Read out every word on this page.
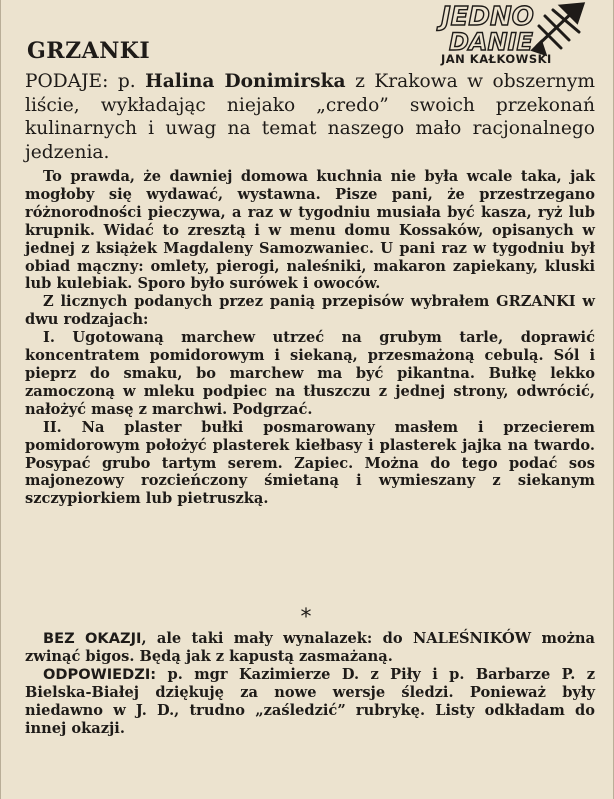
JEDNO
DANIE
JAN KAŁKOWSKI
GRZANKI

PODAJE: p. Halina Donimirska z Krakowa w obszernym liście, wykładając niejako „credo” swoich przekonań kulinarnych i uwag na temat naszego mało racjonalnego jedzenia.

To prawda, że dawniej domowa kuchnia nie była wcale taka, jak mogłoby się wydawać, wystawna. Pisze pani, że przestrzegano różnorodności pieczywa, a raz w tygodniu musiała być kasza, ryż lub krupnik. Widać to zresztą i w menu domu Kossaków, opisanych w jednej z książek Magdaleny Samozwaniec. U pani raz w tygodniu był obiad mączny: omlety, pierogi, naleśniki, makaron zapiekany, kluski lub kulebiak. Sporo było surówek i owoców.

Z licznych podanych przez panią przepisów wybrałem GRZANKI w dwu rodzajach:

I. Ugotowaną marchew utrzeć na grubym tarle, doprawić koncentratem pomidorowym i siekaną, przesmażoną cebulą. Sól i pieprz do smaku, bo marchew ma być pikantna. Bułkę lekko zamoczoną w mleku podpiec na tłuszczu z jednej strony, odwrócić, nałożyć masę z marchwi. Podgrzać.

II. Na plaster bułki posmarowany masłem i przecierem pomidorowym położyć plasterek kiełbasy i plasterek jajka na twardo. Posypać grubo tartym serem. Zapiec. Można do tego podać sos majonezowy rozcieńczony śmietaną i wymieszany z siekanym szczypiorkiem lub pietruszką.

*

BEZ OKAZJI, ale taki mały wynalazek: do NALEŚNIKÓW można zwinąć bigos. Będą jak z kapustą zasmażaną.

ODPOWIEDZI: p. mgr Kazimierze D. z Piły i p. Barbarze P. z Bielska-Białej dziękuję za nowe wersje śledzi. Ponieważ były niedawno w J. D., trudno „zaśledzić” rubrykę. Listy odkładam do innej okazji.
